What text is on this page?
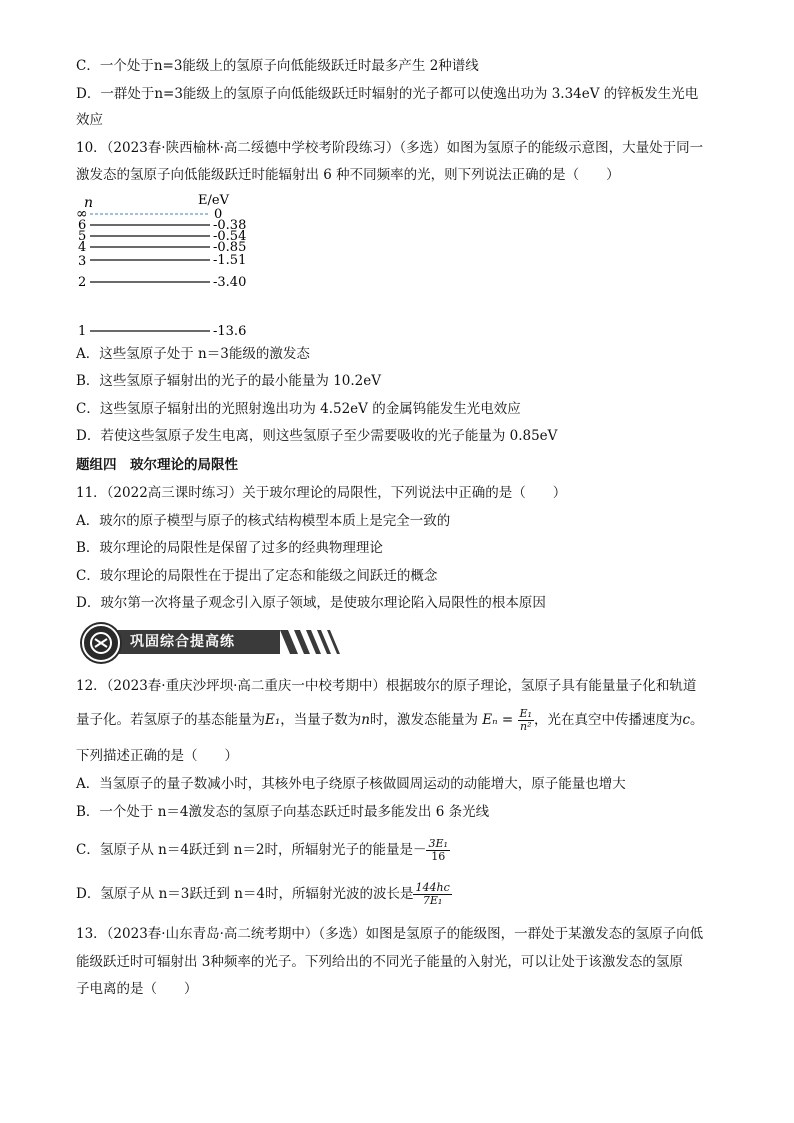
C．一个处于n=3能级上的氢原子向低能级跃迁时最多产生 2种谱线
D．一群处于n=3能级上的氢原子向低能级跃迁时辐射的光子都可以使逸出功为 3.34eV 的锌板发生光电
效应
10．（2023春·陕西榆林·高二绥德中学校考阶段练习）（多选）如图为氢原子的能级示意图，大量处于同一
激发态的氢原子向低能级跃迁时能辐射出 6 种不同频率的光，则下列说法正确的是（　　）
n	E/eV
∞	0
6	-0.38
5	-0.54
4	-0.85
3	-1.51
2	-3.40
1	-13.6
A．这些氢原子处于 n＝3能级的激发态
B．这些氢原子辐射出的光子的最小能量为 10.2eV
C．这些氢原子辐射出的光照射逸出功为 4.52eV 的金属钨能发生光电效应
D．若使这些氢原子发生电离，则这些氢原子至少需要吸收的光子能量为 0.85eV
题组四　玻尔理论的局限性
11．（2022高三课时练习）关于玻尔理论的局限性，下列说法中正确的是（　　）
A．玻尔的原子模型与原子的核式结构模型本质上是完全一致的
B．玻尔理论的局限性是保留了过多的经典物理理论
C．玻尔理论的局限性在于提出了定态和能级之间跃迁的概念
D．玻尔第一次将量子观念引入原子领域，是使玻尔理论陷入局限性的根本原因
巩固综合提高练
12．（2023春·重庆沙坪坝·高二重庆一中校考期中）根据玻尔的原子理论，氢原子具有能量量子化和轨道
量子化。若氢原子的基态能量为E₁，当量子数为n时，激发态能量为 $E_n = \frac{\text{E₁}}{\text{n²}}$ ，光在真空中传播速度为c。
下列描述正确的是（　　）
A．当氢原子的量子数减小时，其核外电子绕原子核做圆周运动的动能增大，原子能量也增大
B．一个处于 n＝4激发态的氢原子向基态跃迁时最多能发出 6 条光线
C．氢原子从 n＝4跃迁到 n＝2时，所辐射光子的能量是－ $\frac{\text{3E₁}}{16}$
D．氢原子从 n＝3跃迁到 n＝4时，所辐射光波的波长是 $\frac{144hc}{\text{7E₁}}$
13．（2023春·山东青岛·高二统考期中）（多选）如图是氢原子的能级图，一群处于某激发态的氢原子向低
能级跃迁时可辐射出 3种频率的光子。下列给出的不同光子能量的入射光，可以让处于该激发态的氢原
子电离的是（　　）
